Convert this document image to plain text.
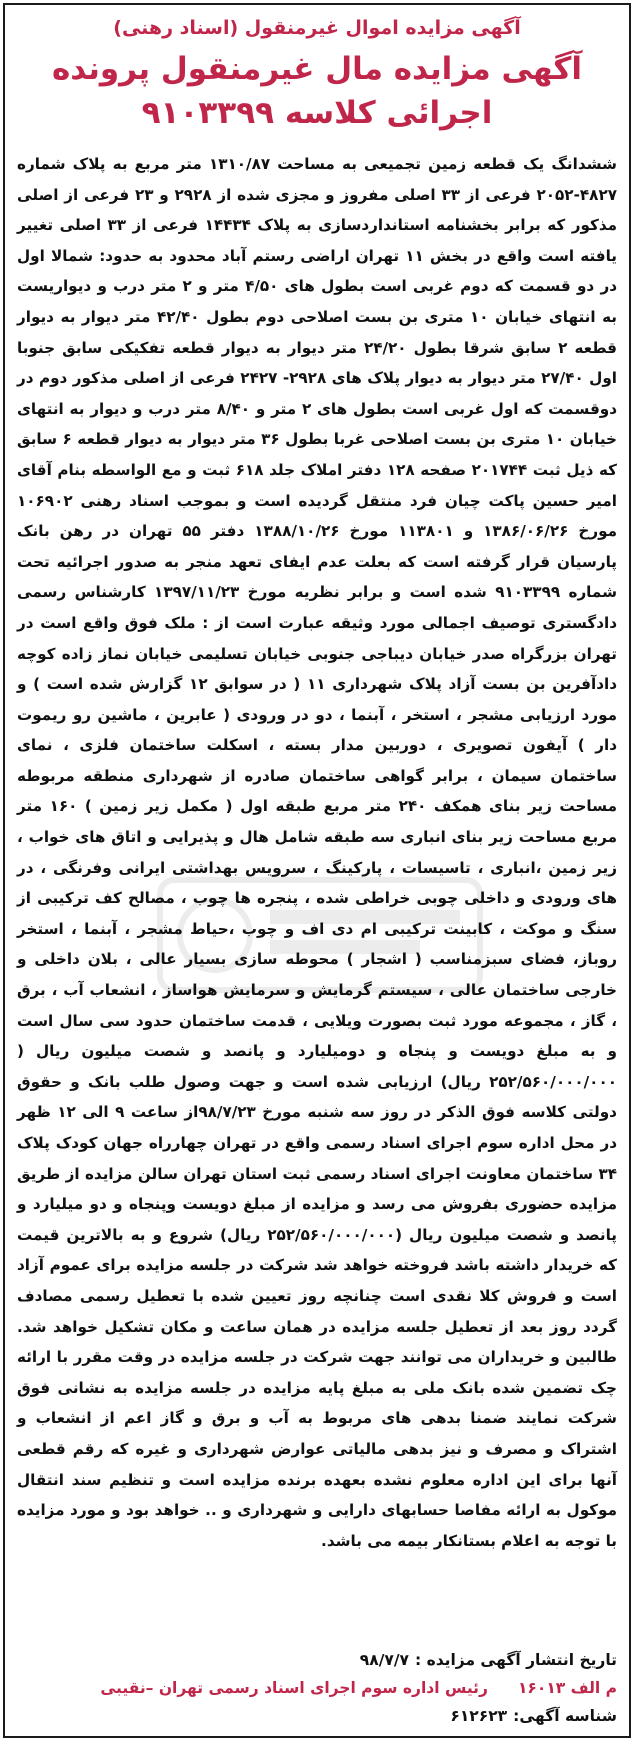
آگهی مزایده اموال غیرمنقول (اسناد رهنی)
آگهی مزایده مال غیرمنقول پرونده اجرائی کلاسه ۹۱۰۳۳۹۹
ششدانگ یک قطعه زمین تجمیعی به مساحت ۱۳۱۰/۸۷ متر مربع به پلاک شماره ۴۸۲۷-۲۰۵۲ فرعی از ۳۳ اصلی مفروز و مجزی شده از ۲۹۲۸ و ۲۳ فرعی از اصلی مذکور که برابر بخشنامه استانداردسازی به پلاک ۱۴۴۳۴ فرعی از ۳۳ اصلی تغییر یافته است واقع در بخش ۱۱ تهران اراضی رستم آباد محدود به حدود: شمالا اول در دو قسمت که دوم غربی است بطول های ۴/۵۰ متر و ۲ متر درب و دیواریست به انتهای خیابان ۱۰ متری بن بست اصلاحی دوم بطول ۴۲/۴۰ متر دیوار به دیوار قطعه ۲ سابق شرقا بطول ۲۴/۲۰ متر دیوار به دیوار قطعه تفکیکی سابق جنوبا اول ۲۷/۴۰ متر دیوار به دیوار پلاک های ۲۹۲۸- ۲۴۲۷ فرعی از اصلی مذکور دوم در دوقسمت که اول غربی است بطول های ۲ متر و ۸/۴۰ متر درب و دیوار به انتهای خیابان ۱۰ متری بن بست اصلاحی غربا بطول ۳۶ متر دیوار به دیوار قطعه ۶ سابق که ذیل ثبت ۲۰۱۷۴۴ صفحه ۱۲۸ دفتر املاک جلد ۶۱۸ ثبت و مع الواسطه بنام آقای امیر حسین پاکت چیان فرد منتقل گردیده است و بموجب اسناد رهنی ۱۰۶۹۰۲ مورخ ۱۳۸۶/۰۶/۲۶ و ۱۱۳۸۰۱ مورخ ۱۳۸۸/۱۰/۲۶ دفتر ۵۵ تهران در رهن بانک پارسیان قرار گرفته است که بعلت عدم ایفای تعهد منجر به صدور اجرائیه تحت شماره ۹۱۰۳۳۹۹ شده است و برابر نظریه مورخ ۱۳۹۷/۱۱/۲۳ کارشناس رسمی دادگستری توصیف اجمالی مورد وثیقه عبارت است از : ملک فوق واقع است در تهران بزرگراه صدر خیابان دیباجی جنوبی خیابان تسلیمی خیابان نماز زاده کوچه دادآفرین بن بست آزاد پلاک شهرداری ۱۱ ( در سوابق ۱۲ گزارش شده است ) و مورد ارزیابی مشجر ، استخر ، آبنما ، دو در ورودی ( عابرین ، ماشین رو ریموت دار ) آیفون تصویری ، دوربین مدار بسته ، اسکلت ساختمان فلزی ، نمای ساختمان سیمان ، برابر گواهی ساختمان صادره از شهرداری منطقه مربوطه مساحت زیر بنای همکف ۲۴۰ متر مربع طبقه اول ( مکمل زیر زمین ) ۱۶۰ متر مربع مساحت زیر بنای انباری سه طبقه شامل هال و پذیرایی و اتاق های خواب ، زیر زمین ،انباری ، تاسیسات ، پارکینگ ، سرویس بهداشتی ایرانی وفرنگی ، در های ورودی و داخلی چوبی خراطی شده ، پنجره ها چوب ، مصالح کف ترکیبی از سنگ و موکت ، کابینت ترکیبی ام دی اف و چوب ،حیاط مشجر ، آبنما ، استخر روباز، فضای سبزمناسب ( اشجار ) محوطه سازی بسیار عالی ، بلان داخلی و خارجی ساختمان عالی ، سیستم گرمایش و سرمایش هواساز ، انشعاب آب ، برق ، گاز ، مجموعه مورد ثبت بصورت ویلایی ، قدمت ساختمان حدود سی سال است و به مبلغ دویست و پنجاه و دومیلیارد و پانصد و شصت میلیون ریال ( ۲۵۲/۵۶۰/۰۰۰/۰۰۰ ریال) ارزیابی شده است و جهت وصول طلب بانک و حقوق دولتی کلاسه فوق الذکر در روز سه شنبه مورخ ۹۸/۷/۲۳از ساعت ۹ الی ۱۲ ظهر در محل اداره سوم اجرای اسناد رسمی واقع در تهران چهارراه جهان کودک پلاک ۳۴ ساختمان معاونت اجرای اسناد رسمی ثبت استان تهران سالن مزایده از طریق مزایده حضوری بفروش می رسد و مزایده از مبلغ دویست وپنجاه و دو میلیارد و پانصد و شصت میلیون ریال (۲۵۲/۵۶۰/۰۰۰/۰۰۰ ریال) شروع و به بالاترین قیمت که خریدار داشته باشد فروخته خواهد شد شرکت در جلسه مزایده برای عموم آزاد است و فروش کلا نقدی است چنانچه روز تعیین شده با تعطیل رسمی مصادف گردد روز بعد از تعطیل جلسه مزایده در همان ساعت و مکان تشکیل خواهد شد. طالبین و خریداران می توانند جهت شرکت در جلسه مزایده در وقت مقرر با ارائه چک تضمین شده بانک ملی به مبلغ پایه مزایده در جلسه مزایده به نشانی فوق شرکت نمایند ضمنا بدهی های مربوط به آب و برق و گاز اعم از انشعاب و اشتراک و مصرف و نیز بدهی مالیاتی عوارض شهرداری و غیره که رقم قطعی آنها برای این اداره معلوم نشده بعهده برنده مزایده است و تنظیم سند انتقال موکول به ارائه مفاصا حسابهای دارایی و شهرداری و .. خواهد بود و مورد مزایده با توجه به اعلام بستانکار بیمه می باشد.
تاریخ انتشار آگهی مزایده :
۹۸/۷/۷
م الف ۱۶۰۱۳
رئیس اداره سوم اجرای اسناد رسمی تهران –نقیبی
شناسه آگهی:
۶۱۲۶۲۳
